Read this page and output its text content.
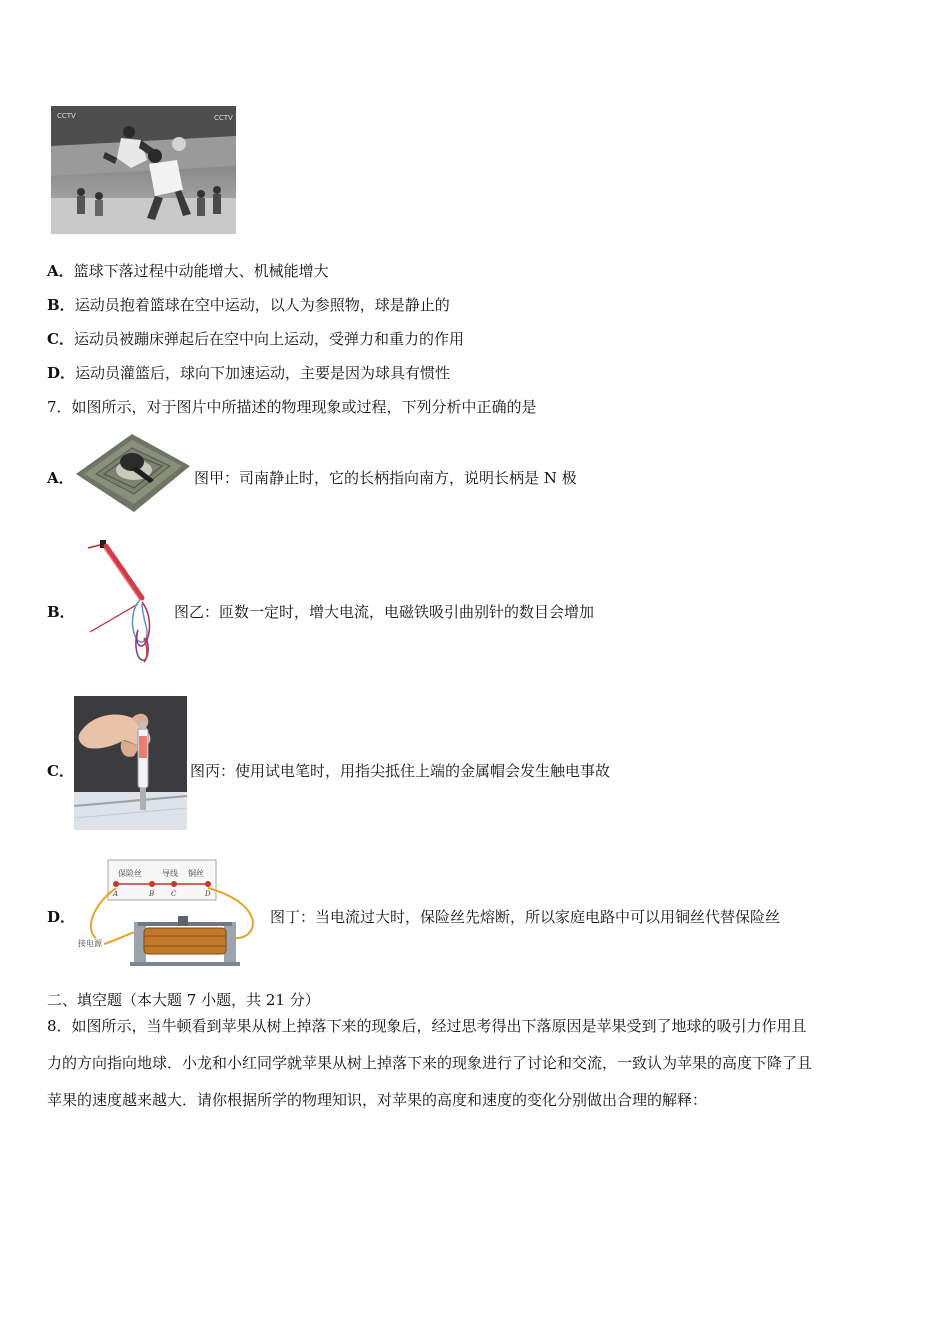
CCTV	CCTV
A．篮球下落过程中动能增大、机械能增大
B．运动员抱着篮球在空中运动，以人为参照物，球是静止的
C．运动员被蹦床弹起后在空中向上运动，受弹力和重力的作用
D．运动员灌篮后，球向下加速运动，主要是因为球具有惯性
7．如图所示，对于图片中所描述的物理现象或过程，下列分析中正确的是
A．	图甲：司南静止时，它的长柄指向南方，说明长柄是 N 极
B．	图乙：匝数一定时，增大电流，电磁铁吸引曲别针的数目会增加
C．	图丙：使用试电笔时，用指尖抵住上端的金属帽会发生触电事故
D．
保险丝	导线 铜丝
A	B C	D
接电源
图丁：当电流过大时，保险丝先熔断，所以家庭电路中可以用铜丝代替保险丝
二、填空题（本大题 7 小题，共 21 分）
8．如图所示，当牛顿看到苹果从树上掉落下来的现象后，经过思考得出下落原因是苹果受到了地球的吸引力作用且
力的方向指向地球．小龙和小红同学就苹果从树上掉落下来的现象进行了讨论和交流，一致认为苹果的高度下降了且
苹果的速度越来越大．请你根据所学的物理知识，对苹果的高度和速度的变化分别做出合理的解释：
